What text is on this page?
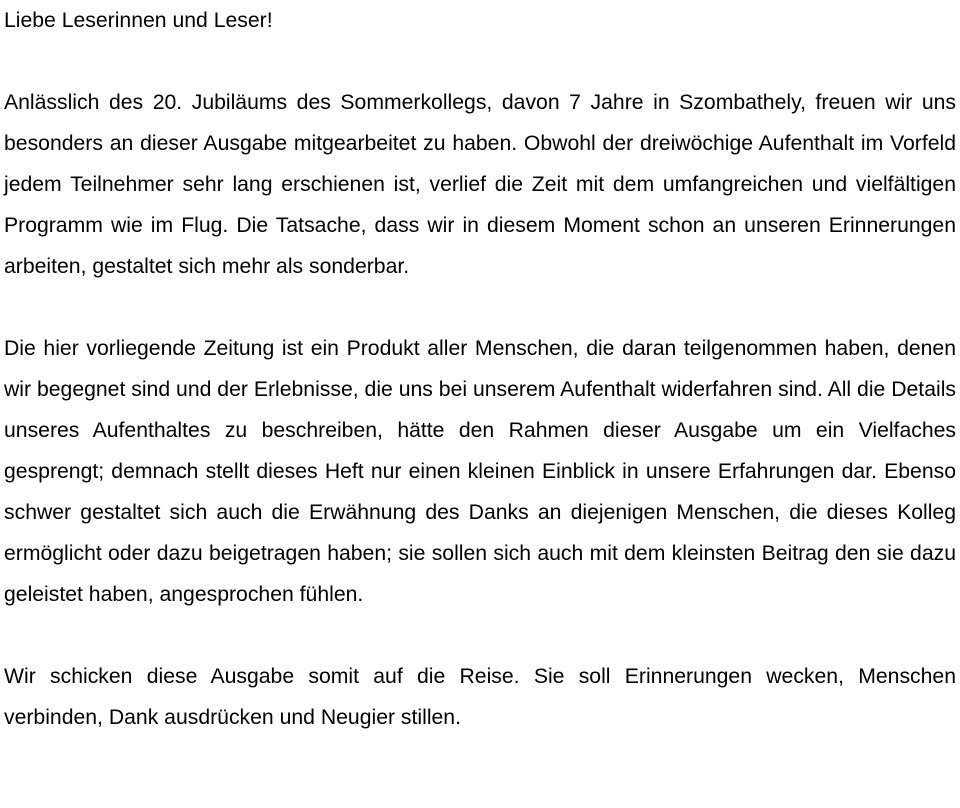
Liebe Leserinnen und Leser!

Anlässlich des 20. Jubiläums des Sommerkollegs, davon 7 Jahre in Szombathely, freuen wir uns besonders an dieser Ausgabe mitgearbeitet zu haben. Obwohl der dreiwöchige Aufenthalt im Vorfeld jedem Teilnehmer sehr lang erschienen ist, verlief die Zeit mit dem umfangreichen und vielfältigen Programm wie im Flug. Die Tatsache, dass wir in diesem Moment schon an unseren Erinnerungen arbeiten, gestaltet sich mehr als sonderbar.

Die hier vorliegende Zeitung ist ein Produkt aller Menschen, die daran teilgenommen haben, denen wir begegnet sind und der Erlebnisse, die uns bei unserem Aufenthalt widerfahren sind. All die Details unseres Aufenthaltes zu beschreiben, hätte den Rahmen dieser Ausgabe um ein Vielfaches gesprengt; demnach stellt dieses Heft nur einen kleinen Einblick in unsere Erfahrungen dar. Ebenso schwer gestaltet sich auch die Erwähnung des Danks an diejenigen Menschen, die dieses Kolleg ermöglicht oder dazu beigetragen haben; sie sollen sich auch mit dem kleinsten Beitrag den sie dazu geleistet haben, angesprochen fühlen.

Wir schicken diese Ausgabe somit auf die Reise. Sie soll Erinnerungen wecken, Menschen verbinden, Dank ausdrücken und Neugier stillen.
